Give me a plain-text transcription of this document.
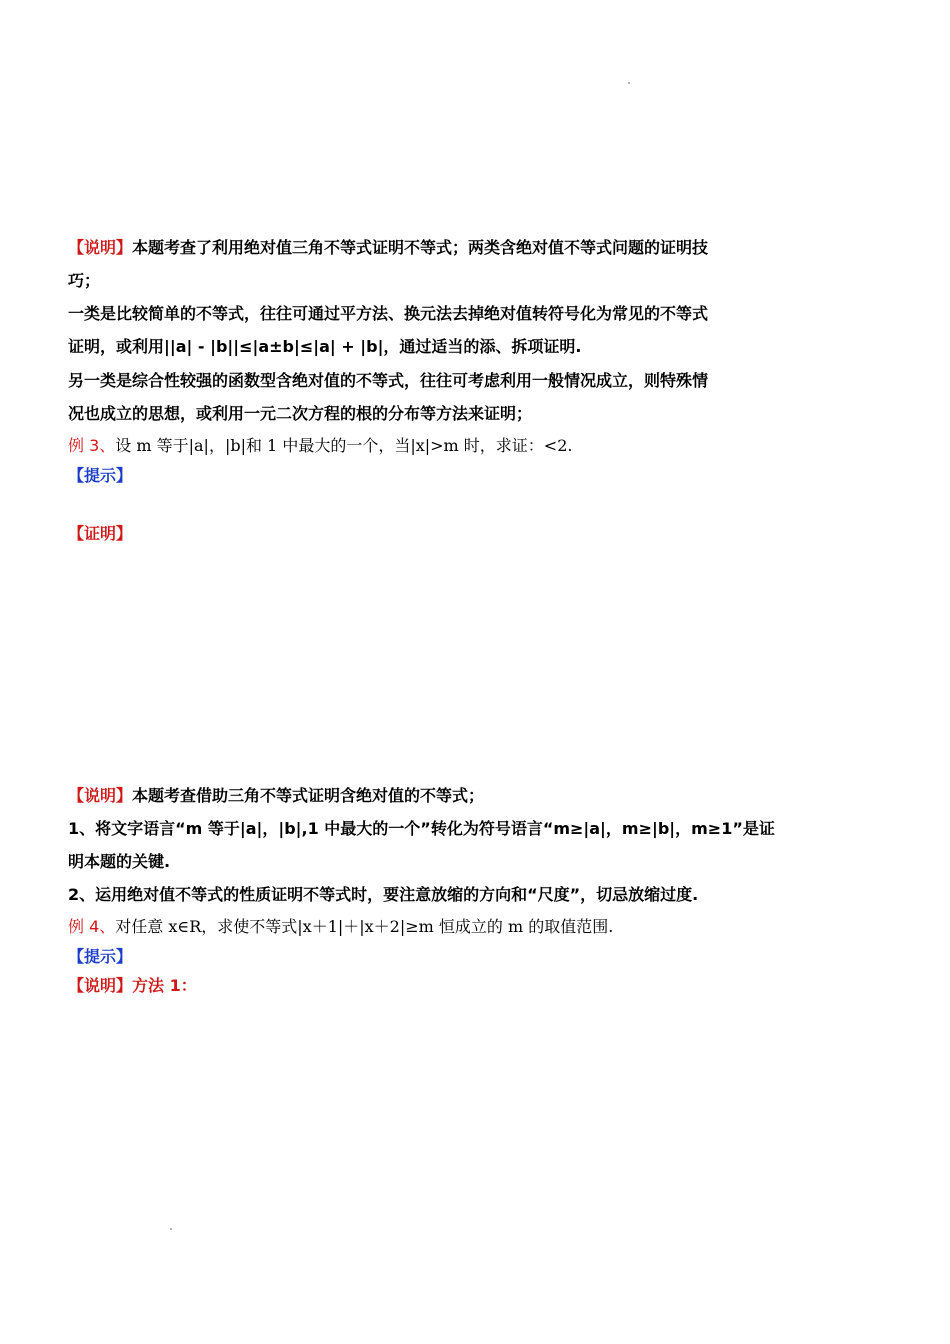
【说明】本题考查了利用绝对值三角不等式证明不等式；两类含绝对值不等式问题的证明技
巧；
一类是比较简单的不等式，往往可通过平方法、换元法去掉绝对值转符号化为常见的不等式
证明，或利用||a| - |b||≤|a±b|≤|a| + |b|，通过适当的添、拆项证明.
另一类是综合性较强的函数型含绝对值的不等式，往往可考虑利用一般情况成立，则特殊情
况也成立的思想，或利用一元二次方程的根的分布等方法来证明；
例 3、设 m 等于|a|，|b|和 1 中最大的一个，当|x|>m 时，求证：<2.
【提示】
【证明】
【说明】本题考查借助三角不等式证明含绝对值的不等式；
1、将文字语言“m 等于|a|，|b|,1 中最大的一个”转化为符号语言“m≥|a|，m≥|b|，m≥1”是证
明本题的关键.
2、运用绝对值不等式的性质证明不等式时，要注意放缩的方向和“尺度”，切忌放缩过度.
例 4、对任意 x∈R，求使不等式|x＋1|＋|x＋2|≥m 恒成立的 m 的取值范围.
【提示】
【说明】方法 1：
